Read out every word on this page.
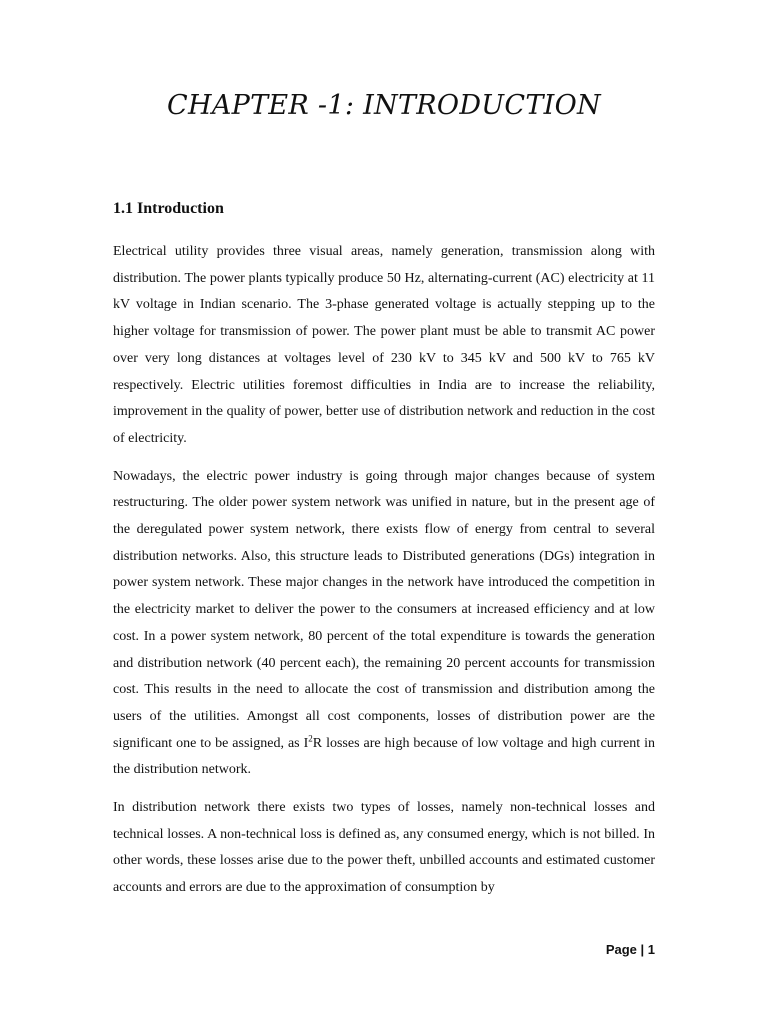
CHAPTER -1: INTRODUCTION
1.1 Introduction

Electrical utility provides three visual areas, namely generation, transmission along with distribution. The power plants typically produce 50 Hz, alternating-current (AC) electricity at 11 kV voltage in Indian scenario. The 3-phase generated voltage is actually stepping up to the higher voltage for transmission of power. The power plant must be able to transmit AC power over very long distances at voltages level of 230 kV to 345 kV and 500 kV to 765 kV respectively. Electric utilities foremost difficulties in India are to increase the reliability, improvement in the quality of power, better use of distribution network and reduction in the cost of electricity.

Nowadays, the electric power industry is going through major changes because of system restructuring. The older power system network was unified in nature, but in the present age of the deregulated power system network, there exists flow of energy from central to several distribution networks. Also, this structure leads to Distributed generations (DGs) integration in power system network. These major changes in the network have introduced the competition in the electricity market to deliver the power to the consumers at increased efficiency and at low cost. In a power system network, 80 percent of the total expenditure is towards the generation and distribution network (40 percent each), the remaining 20 percent accounts for transmission cost. This results in the need to allocate the cost of transmission and distribution among the users of the utilities. Amongst all cost components, losses of distribution power are the significant one to be assigned, as $I^2R$ losses are high because of low voltage and high current in the distribution network.

In distribution network there exists two types of losses, namely non-technical losses and technical losses. A non-technical loss is defined as, any consumed energy, which is not billed. In other words, these losses arise due to the power theft, unbilled accounts and estimated customer accounts and errors are due to the approximation of consumption by

Page | 1
